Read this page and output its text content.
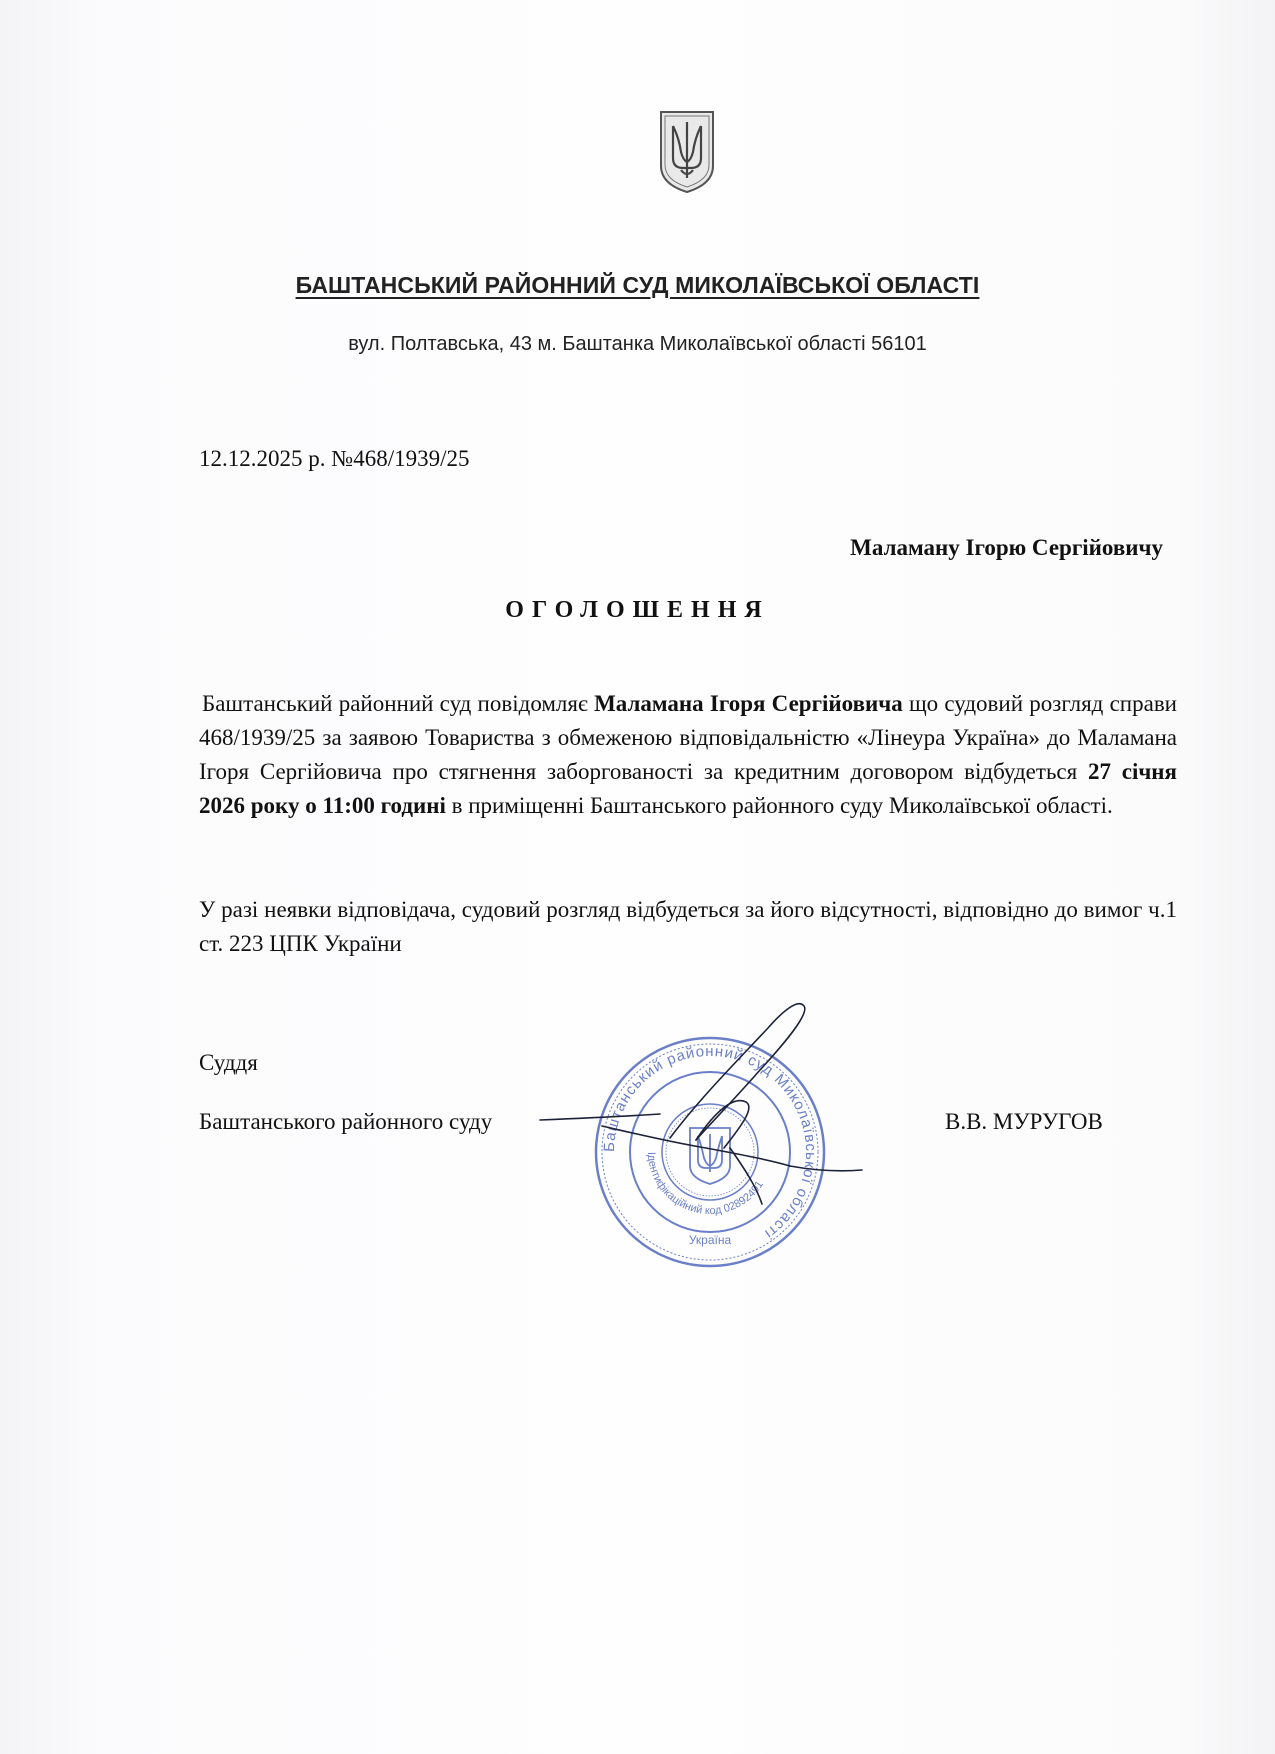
БАШТАНСЬКИЙ РАЙОННИЙ СУД МИКОЛАЇВСЬКОЇ ОБЛАСТІ
вул. Полтавська, 43 м. Баштанка Миколаївської області 56101
12.12.2025 р. №468/1939/25
Маламану Ігорю Сергійовичу
ОГОЛОШЕННЯ
Баштанський районний суд повідомляє Маламана Ігоря Сергійовича що судовий розгляд справи 468/1939/25 за заявою Товариства з обмеженою відповідальністю «Лінеура Україна» до Маламана Ігоря Сергійовича про стягнення заборгованості за кредитним договором відбудеться 27 січня 2026 року о 11:00 годині в приміщенні Баштанського районного суду Миколаївської області.
У разі неявки відповідача, судовий розгляд відбудеться за його відсутності, відповідно до вимог ч.1 ст. 223 ЦПК України
Суддя
Баштанського районного суду	В.В. МУРУГОВ
Баштанський районний суд Миколаївської області
Ідентифікаційний код 02892491
Україна
